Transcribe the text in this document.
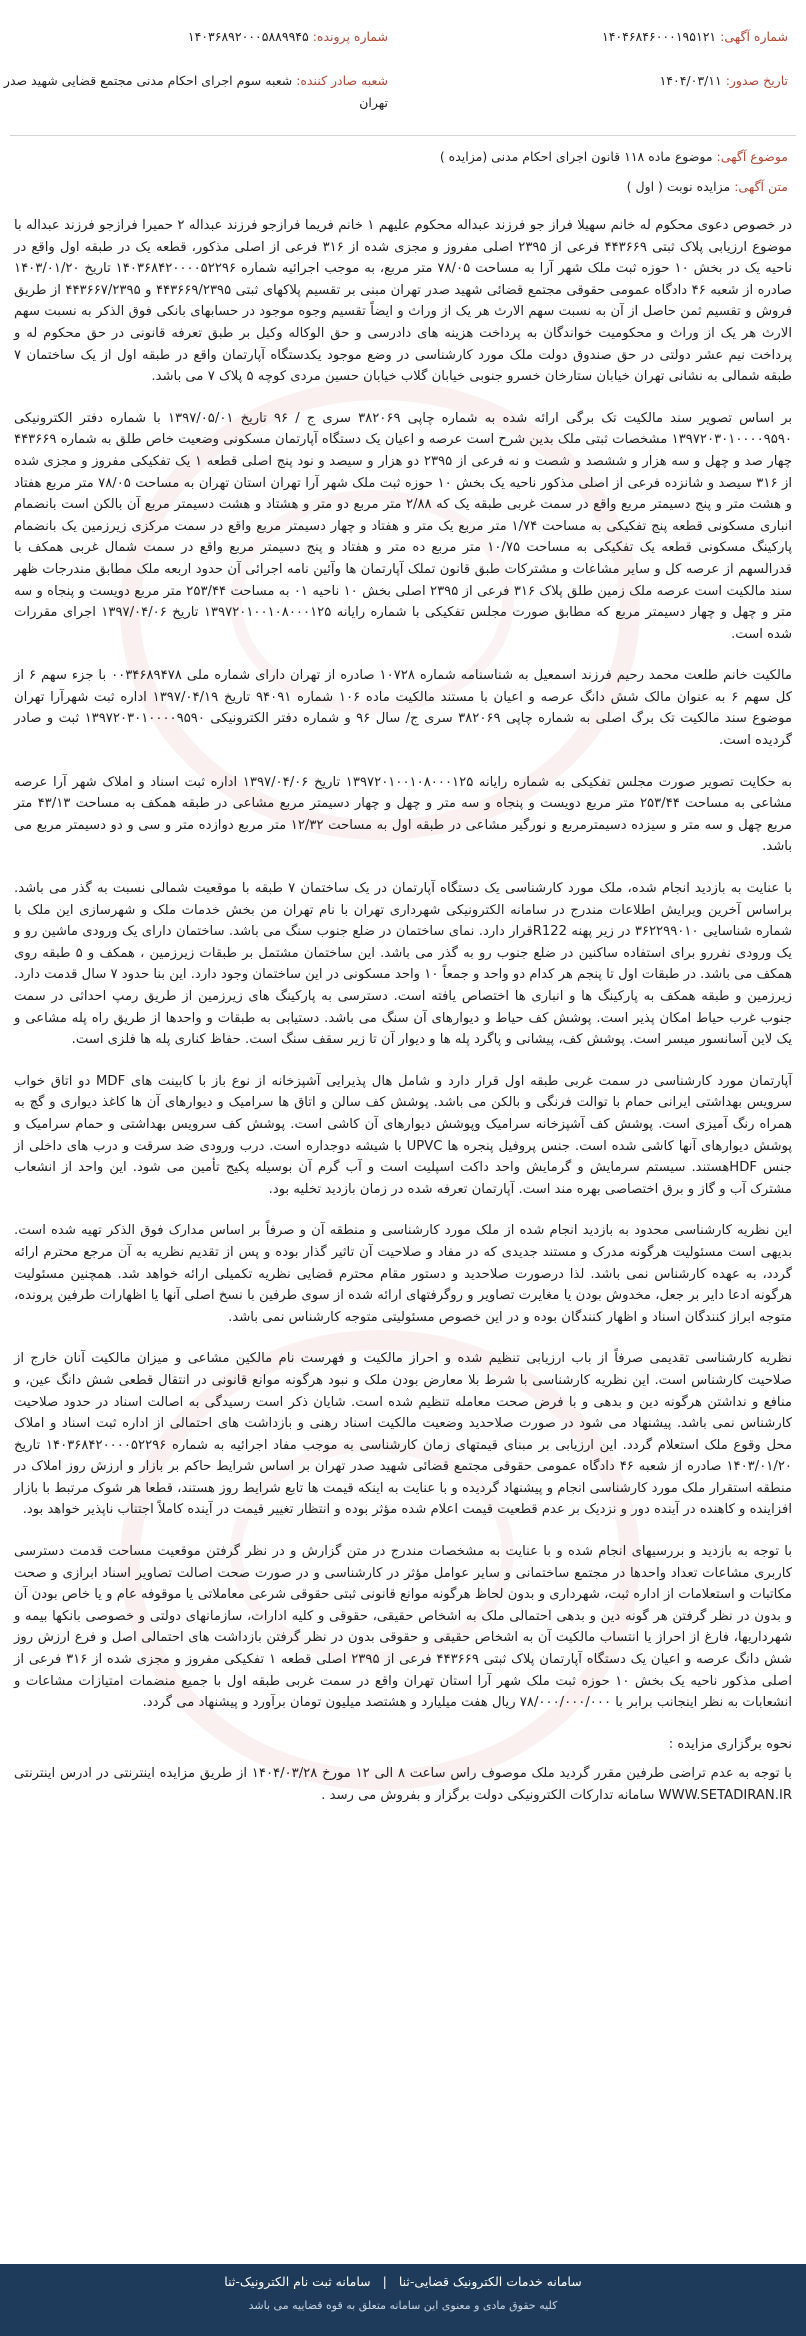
شماره آگهی: ۱۴۰۴۶۸۴۶۰۰۰۱۹۵۱۲۱
شماره پرونده: ۱۴۰۳۶۸۹۲۰۰۰۵۸۸۹۹۴۵
تاریخ صدور: ۱۴۰۴/۰۳/۱۱
شعبه صادر کننده: شعبه سوم اجرای احکام مدنی مجتمع قضایی شهید صدر
تهران
موضوع آگهی: موضوع ماده ۱۱۸ قانون اجرای احکام مدنی (مزایده )
متن آگهی: مزایده نوبت ( اول )

در خصوص دعوی محکوم له خانم سهیلا فراز جو فرزند عبداله محکوم علیهم ۱ خانم فریما فرازجو فرزند عبداله ۲ حمیرا فرازجو فرزند عبداله با موضوع ارزیابی پلاک ثبتی ۴۴۳۶۶۹ فرعی از ۲۳۹۵ اصلی مفروز و مجزی شده از ۳۱۶ فرعی از اصلی مذکور، قطعه یک در طبقه اول واقع در ناحیه یک در بخش ۱۰ حوزه ثبت ملک شهر آرا به مساحت ۷۸/۰۵ متر مربع، به موجب اجرائیه شماره ۱۴۰۳۶۸۴۲۰۰۰۰۵۲۲۹۶ تاریخ ۱۴۰۳/۰۱/۲۰ صادره از شعبه ۴۶ دادگاه عمومی حقوقی مجتمع قضائی شهید صدر تهران مبنی بر تقسیم پلاکهای ثبتی ۴۴۳۶۶۹/۲۳۹۵ و ۴۴۳۶۶۷/۲۳۹۵ از طریق فروش و تقسیم ثمن حاصل از آن به نسبت سهم الارث هر یک از وراث و ایضاً تقسیم وجوه موجود در حسابهای بانکی فوق الذکر به نسبت سهم الارث هر یک از وراث و محکومیت خواندگان به پرداخت هزینه های دادرسی و حق الوکاله وکیل بر طبق تعرفه قانونی در حق محکوم له و پرداخت نیم عشر دولتی در حق صندوق دولت ملک مورد کارشناسی در وضع موجود یکدستگاه آپارتمان واقع در طبقه اول از یک ساختمان ۷ طبقه شمالی به نشانی تهران خیابان ستارخان خسرو جنوبی خیابان گلاب خیابان حسین مردی کوچه ۵ پلاک ۷ می باشد.

بر اساس تصویر سند مالکیت تک برگی ارائه شده به شماره چاپی ۳۸۲۰۶۹ سری ج / ۹۶ تاریخ ۱۳۹۷/۰۵/۰۱ با شماره دفتر الکترونیکی ۱۳۹۷۲۰۳۰۱۰۰۰۰۹۵۹۰ مشخصات ثبتی ملک بدین شرح است عرصه و اعیان یک دستگاه آپارتمان مسکونی وضعیت خاص طلق به شماره ۴۴۳۶۶۹ چهار صد و چهل و سه هزار و ششصد و شصت و نه فرعی از ۲۳۹۵ دو هزار و سیصد و نود پنج اصلی قطعه ۱ یک تفکیکی مفروز و مجزی شده از ۳۱۶ سیصد و شانزده فرعی از اصلی مذکور ناحیه یک بخش ۱۰ حوزه ثبت ملک شهر آرا تهران استان تهران به مساحت ۷۸/۰۵ متر مربع هفتاد و هشت متر و پنج دسیمتر مربع واقع در سمت غربی طبقه یک که ۲/۸۸ متر مربع دو متر و هشتاد و هشت دسیمتر مربع آن بالکن است بانضمام انباری مسکونی قطعه پنج تفکیکی به مساحت ۱/۷۴ متر مربع یک متر و هفتاد و چهار دسیمتر مربع واقع در سمت مرکزی زیرزمین یک بانضمام پارکینگ مسکونی قطعه یک تفکیکی به مساحت ۱۰/۷۵ متر مربع ده متر و هفتاد و پنج دسیمتر مربع واقع در سمت شمال غربی همکف با قدرالسهم از عرصه کل و سایر مشاعات و مشترکات طبق قانون تملک آپارتمان ها وآئین نامه اجرائی آن حدود اربعه ملک مطابق مندرجات ظهر سند مالکیت است عرصه ملک زمین طلق پلاک ۳۱۶ فرعی از ۲۳۹۵ اصلی بخش ۱۰ ناحیه ۰۱ به مساحت ۲۵۳/۴۴ متر مربع دویست و پنجاه و سه متر و چهل و چهار دسیمتر مربع که مطابق صورت مجلس تفکیکی با شماره رایانه ۱۳۹۷۲۰۱۰۰۱۰۸۰۰۰۱۲۵ تاریخ ۱۳۹۷/۰۴/۰۶ اجرای مقررات شده است.

مالکیت خانم طلعت محمد رحیم فرزند اسمعیل به شناسنامه شماره ۱۰۷۲۸ صادره از تهران دارای شماره ملی ۰۰۳۴۶۸۹۴۷۸ با جزء سهم ۶ از کل سهم ۶ به عنوان مالک شش دانگ عرصه و اعیان با مستند مالکیت ماده ۱۰۶ شماره ۹۴۰۹۱ تاریخ ۱۳۹۷/۰۴/۱۹ اداره ثبت شهرآرا تهران موضوع سند مالکیت تک برگ اصلی به شماره چاپی ۳۸۲۰۶۹ سری ج/ سال ۹۶ و شماره دفتر الکترونیکی ۱۳۹۷۲۰۳۰۱۰۰۰۰۹۵۹۰ ثبت و صادر گردیده است.

به حکایت تصویر صورت مجلس تفکیکی به شماره رایانه ۱۳۹۷۲۰۱۰۰۱۰۸۰۰۰۱۲۵ تاریخ ۱۳۹۷/۰۴/۰۶ اداره ثبت اسناد و املاک شهر آرا عرصه مشاعی به مساحت ۲۵۳/۴۴ متر مربع دویست و پنجاه و سه متر و چهل و چهار دسیمتر مربع مشاعی در طبقه همکف به مساحت ۴۳/۱۳ متر مربع چهل و سه متر و سیزده دسیمترمربع و نورگیر مشاعی در طبقه اول به مساحت ۱۲/۳۲ متر مربع دوازده متر و سی و دو دسیمتر مربع می باشد.

با عنایت به بازدید انجام شده، ملک مورد کارشناسی یک دستگاه آپارتمان در یک ساختمان ۷ طبقه با موقعیت شمالی نسبت به گذر می باشد. براساس آخرین ویرایش اطلاعات مندرج در سامانه الکترونیکی شهرداری تهران با نام تهران من بخش خدمات ملک و شهرسازی این ملک با شماره شناسایی ۳۶۲۲۹۹۰۱۰ در زیر پهنه R122قرار دارد. نمای ساختمان در ضلع جنوب سنگ می باشد. ساختمان دارای یک ورودی ماشین رو و یک ورودی نفررو برای استفاده ساکنین در ضلع جنوب رو به گذر می باشد. این ساختمان مشتمل بر طبقات زیرزمین ، همکف و ۵ طبقه روی همکف می باشد. در طبقات اول تا پنجم هر کدام دو واحد و جمعاً ۱۰ واحد مسکونی در این ساختمان وجود دارد. این بنا حدود ۷ سال قدمت دارد. زیرزمین و طبقه همکف به پارکینگ ها و انباری ها اختصاص یافته است. دسترسی به پارکینگ های زیرزمین از طریق رمپ احداثی در سمت جنوب غرب حیاط امکان پذیر است. پوشش کف حیاط و دیوارهای آن سنگ می باشد. دستیابی به طبقات و واحدها از طریق راه پله مشاعی و یک لاین آسانسور میسر است. پوشش کف، پیشانی و پاگرد پله ها و دیوار آن تا زیر سقف سنگ است. حفاظ کناری پله ها فلزی است.

آپارتمان مورد کارشناسی در سمت غربی طبقه اول قرار دارد و شامل هال پذیرایی آشپزخانه از نوع باز با کابینت های MDF دو اتاق خواب سرویس بهداشتی ایرانی حمام با توالت فرنگی و بالکن می باشد. پوشش کف سالن و اتاق ها سرامیک و دیوارهای آن ها کاغذ دیواری و گچ به همراه رنگ آمیزی است. پوشش کف آشپزخانه سرامیک وپوشش دیوارهای آن کاشی است. پوشش کف سرویس بهداشتی و حمام سرامیک و پوشش دیوارهای آنها کاشی شده است. جنس پروفیل پنجره ها UPVC با شیشه دوجداره است. درب ورودی ضد سرقت و درب های داخلی از جنس HDFهستند. سیستم سرمایش و گرمایش واحد داکت اسپلیت است و آب گرم آن بوسیله پکیج تأمین می شود. این واحد از انشعاب مشترک آب و گاز و برق اختصاصی بهره مند است. آپارتمان تعرفه شده در زمان بازدید تخلیه بود.

این نظریه کارشناسی محدود به بازدید انجام شده از ملک مورد کارشناسی و منطقه آن و صرفاً بر اساس مدارک فوق الذکر تهیه شده است. بدیهی است مسئولیت هرگونه مدرک و مستند جدیدی که در مفاد و صلاحیت آن تاثیر گذار بوده و پس از تقدیم نظریه به آن مرجع محترم ارائه گردد، به عهده کارشناس نمی باشد. لذا درصورت صلاحدید و دستور مقام محترم قضایی نظریه تکمیلی ارائه خواهد شد. همچنین مسئولیت هرگونه ادعا دایر بر جعل، مخدوش بودن یا مغایرت تصاویر و روگرفتهای ارائه شده از سوی طرفین با نسخ اصلی آنها یا اظهارات طرفین پرونده، متوجه ابراز کنندگان اسناد و اظهار کنندگان بوده و در این خصوص مسئولیتی متوجه کارشناس نمی باشد.

نظریه کارشناسی تقدیمی صرفاً از باب ارزیابی تنظیم شده و احراز مالکیت و فهرست نام مالکین مشاعی و میزان مالکیت آنان خارج از صلاحیت کارشناس است. این نظریه کارشناسی با شرط بلا معارض بودن ملک و نبود هرگونه موانع قانونی در انتقال قطعی شش دانگ عین، و منافع و نداشتن هرگونه دین و بدهی و با فرض صحت معامله تنظیم شده است. شایان ذکر است رسیدگی به اصالت اسناد در حدود صلاحیت کارشناس نمی باشد. پیشنهاد می شود در صورت صلاحدید وضعیت مالکیت اسناد رهنی و بازداشت های احتمالی از اداره ثبت اسناد و املاک محل وقوع ملک استعلام گردد. این ارزیابی بر مبنای قیمتهای زمان کارشناسی به موجب مفاد اجرائیه به شماره ۱۴۰۳۶۸۴۲۰۰۰۰۵۲۲۹۶ تاریخ ۱۴۰۳/۰۱/۲۰ صادره از شعبه ۴۶ دادگاه عمومی حقوقی مجتمع قضائی شهید صدر تهران بر اساس شرایط حاکم بر بازار و ارزش روز املاک در منطقه استقرار ملک مورد کارشناسی انجام و پیشنهاد گردیده و با عنایت به اینکه قیمت ها تابع شرایط روز هستند، قطعا هر شوک مرتبط با بازار افزاینده و کاهنده در آینده دور و نزدیک بر عدم قطعیت قیمت اعلام شده مؤثر بوده و انتظار تغییر قیمت در آینده کاملاً اجتناب ناپذیر خواهد بود.

با توجه به بازدید و بررسیهای انجام شده و با عنایت به مشخصات مندرج در متن گزارش و در نظر گرفتن موقعیت مساحت قدمت دسترسی کاربری مشاعات تعداد واحدها در مجتمع ساختمانی و سایر عوامل مؤثر در کارشناسی و در صورت صحت اصالت تصاویر اسناد ابرازی و صحت مکاتبات و استعلامات از اداره ثبت، شهرداری و بدون لحاظ هرگونه موانع قانونی ثبتی حقوقی شرعی معاملاتی یا موقوفه عام و یا خاص بودن آن و بدون در نظر گرفتن هر گونه دین و بدهی احتمالی ملک به اشخاص حقیقی، حقوقی و کلیه ادارات، سازمانهای دولتی و خصوصی بانکها بیمه و شهرداریها، فارغ از احراز یا انتساب مالکیت آن به اشخاص حقیقی و حقوقی بدون در نظر گرفتن بازداشت های احتمالی اصل و فرع ارزش روز شش دانگ عرصه و اعیان یک دستگاه آپارتمان پلاک ثبتی ۴۴۳۶۶۹ فرعی از ۲۳۹۵ اصلی قطعه ۱ تفکیکی مفروز و مجزی شده از ۳۱۶ فرعی از اصلی مذکور ناحیه یک بخش ۱۰ حوزه ثبت ملک شهر آرا استان تهران واقع در سمت غربی طبقه اول با جمیع منضمات امتیازات مشاعات و انشعابات به نظر اینجانب برابر با ۷۸/۰۰۰/۰۰۰/۰۰۰ ریال هفت میلیارد و هشتصد میلیون تومان برآورد و پیشنهاد می گردد.

نحوه برگزاری مزایده :

با توجه به عدم تراضی طرفین مقرر گردید ملک موصوف راس ساعت ۸ الی ۱۲ مورخ ۱۴۰۴/۰۳/۲۸ از طریق مزایده اینترنتی در ادرس اینترنتی WWW.SETADIRAN.IR سامانه تدارکات الکترونیکی دولت برگزار و بفروش می رسد .

سامانه خدمات الکترونیک قضایی-ثنا | سامانه ثبت نام الکترونیک-ثنا
کلیه حقوق مادی و معنوی این سامانه متعلق به قوه قضاییه می باشد
